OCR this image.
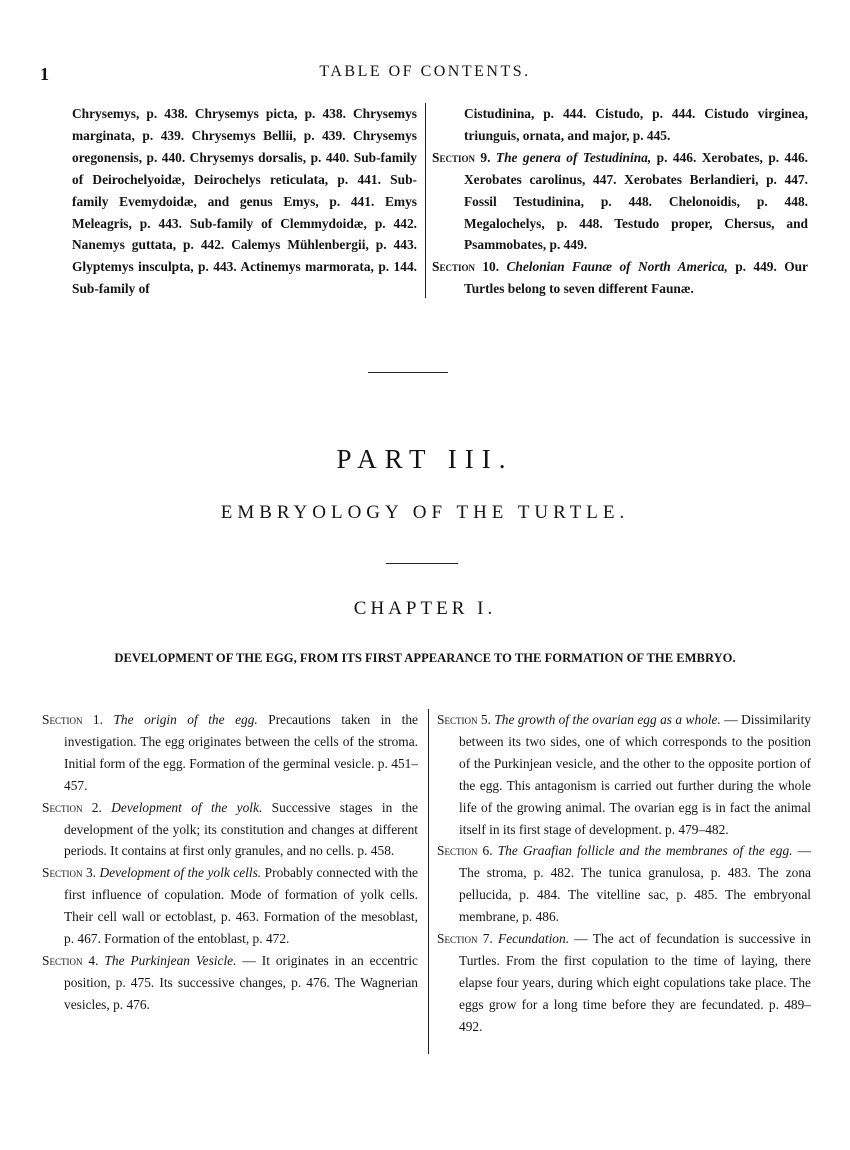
1	TABLE OF CONTENTS.

Chrysemys, p. 438. Chrysemys picta, p. 438. Chrysemys marginata, p. 439. Chrysemys Bellii, p. 439. Chrysemys oregonensis, p. 440. Chrysemys dorsalis, p. 440. Sub-family of Deirochelyoidæ, Deirochelys reticulata, p. 441. Sub-family Evemydoidæ, and genus Emys, p. 441. Emys Meleagris, p. 443. Sub-family of Clemmydoidæ, p. 442. Nanemys guttata, p. 442. Calemys Mühlenbergii, p. 443. Glyptemys insculpta, p. 443. Actinemys marmorata, p. 144. Sub-family of

Cistudinina, p. 444. Cistudo, p. 444. Cistudo virginea, triunguis, ornata, and major, p. 445.

Section 9. The genera of Testudinina, p. 446. Xerobates, p. 446. Xerobates carolinus, 447. Xerobates Berlandieri, p. 447. Fossil Testudinina, p. 448. Chelonoidis, p. 448. Megalochelys, p. 448. Testudo proper, Chersus, and Psammobates, p. 449.

Section 10. Chelonian Faunæ of North America, p. 449. Our Turtles belong to seven different Faunæ.

PART III.
EMBRYOLOGY OF THE TURTLE.
CHAPTER I.
DEVELOPMENT OF THE EGG, FROM ITS FIRST APPEARANCE TO THE FORMATION OF THE EMBRYO.

Section 1. The origin of the egg. Precautions taken in the investigation. The egg originates between the cells of the stroma. Initial form of the egg. Formation of the germinal vesicle. p. 451–457.

Section 2. Development of the yolk. Successive stages in the development of the yolk; its constitution and changes at different periods. It contains at first only granules, and no cells. p. 458.

Section 3. Development of the yolk cells. Probably connected with the first influence of copulation. Mode of formation of yolk cells. Their cell wall or ectoblast, p. 463. Formation of the mesoblast, p. 467. Formation of the entoblast, p. 472.

Section 4. The Purkinjean Vesicle. — It originates in an eccentric position, p. 475. Its successive changes, p. 476. The Wagnerian vesicles, p. 476.

Section 5. The growth of the ovarian egg as a whole. — Dissimilarity between its two sides, one of which corresponds to the position of the Purkinjean vesicle, and the other to the opposite portion of the egg. This antagonism is carried out further during the whole life of the growing animal. The ovarian egg is in fact the animal itself in its first stage of development. p. 479–482.

Section 6. The Graafian follicle and the membranes of the egg. — The stroma, p. 482. The tunica granulosa, p. 483. The zona pellucida, p. 484. The vitelline sac, p. 485. The embryonal membrane, p. 486.

Section 7. Fecundation. — The act of fecundation is successive in Turtles. From the first copulation to the time of laying, there elapse four years, during which eight copulations take place. The eggs grow for a long time before they are fecundated. p. 489–492.
